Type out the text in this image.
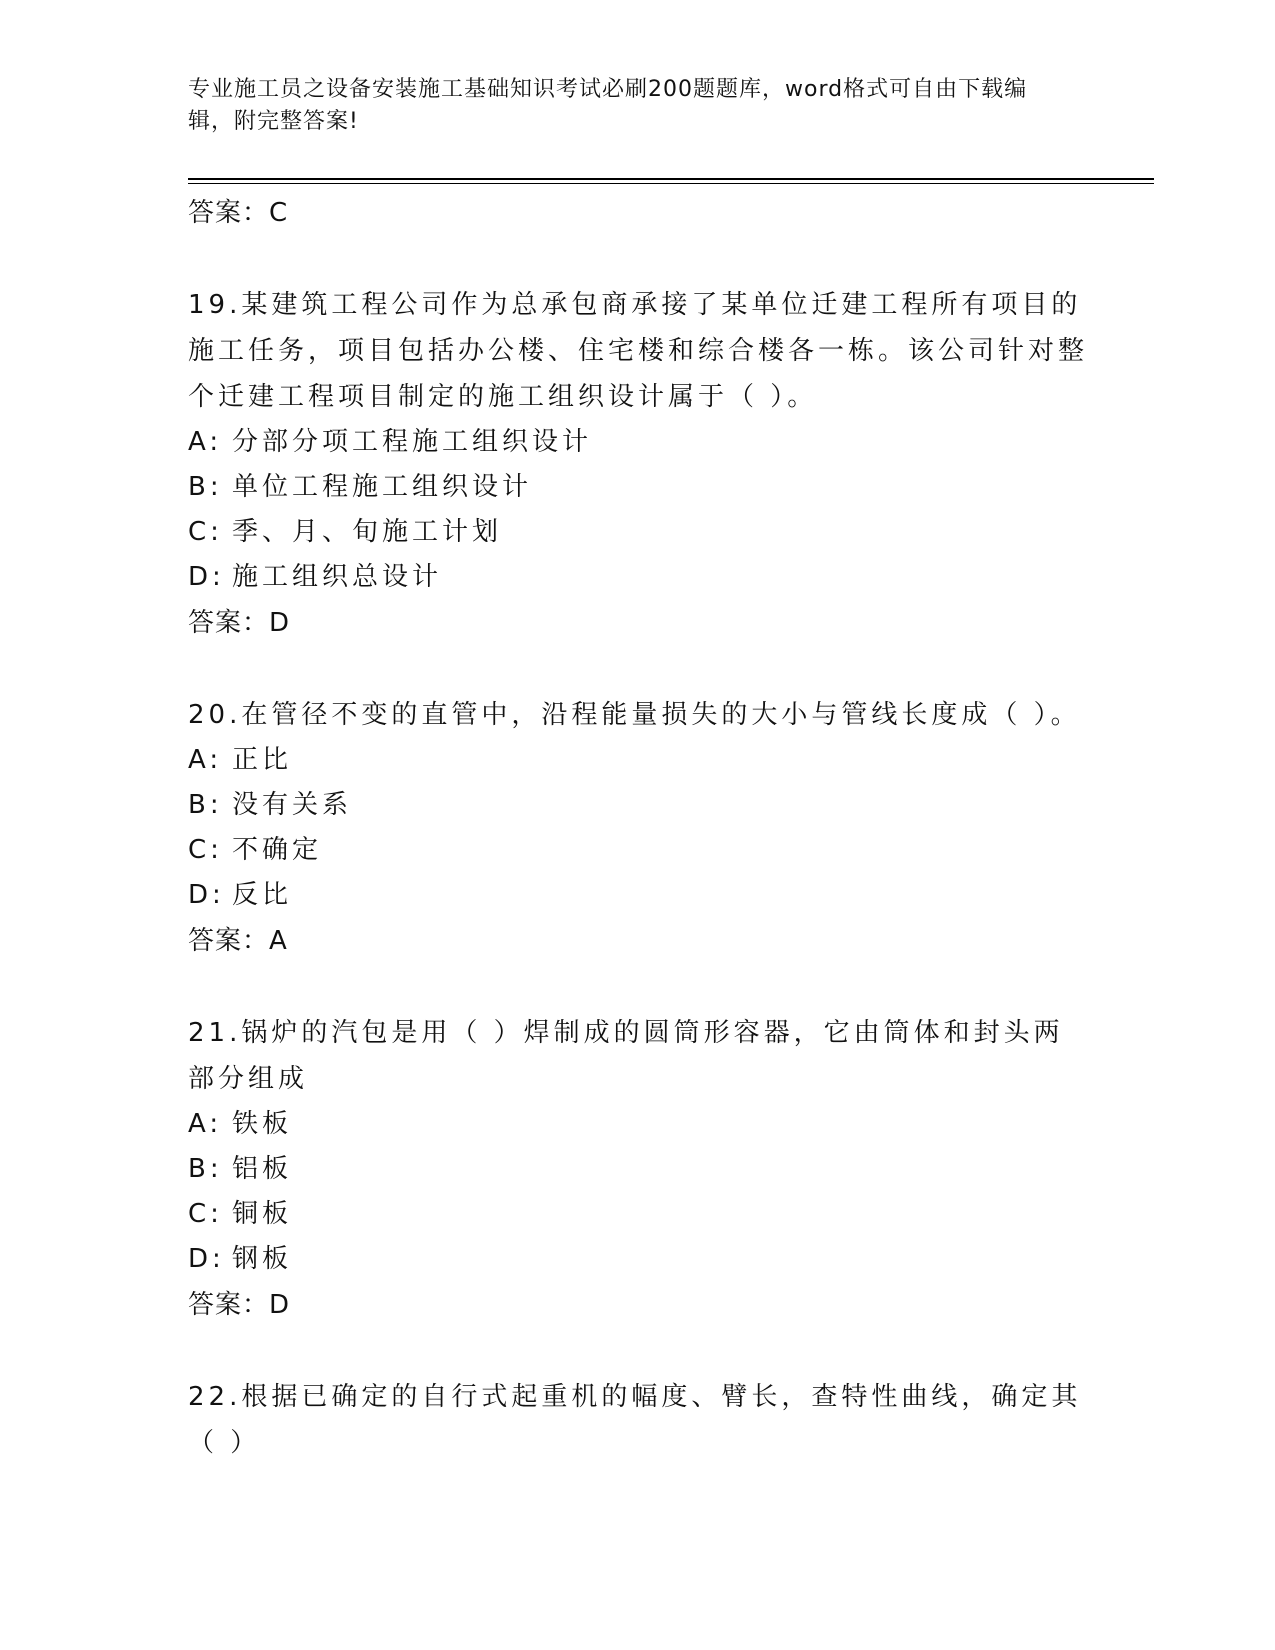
专业施工员之设备安装施工基础知识考试必刷200题题库，word格式可自由下载编辑，附完整答案!
答案：C
19.某建筑工程公司作为总承包商承接了某单位迁建工程所有项目的施工任务，项目包括办公楼、住宅楼和综合楼各一栋。该公司针对整个迁建工程项目制定的施工组织设计属于（ ）。
A: 分部分项工程施工组织设计
B: 单位工程施工组织设计
C: 季、月、旬施工计划
D: 施工组织总设计
答案：D
20.在管径不变的直管中，沿程能量损失的大小与管线长度成（ ）。
A: 正比
B: 没有关系
C: 不确定
D: 反比
答案：A
21.锅炉的汽包是用（ ）焊制成的圆筒形容器，它由筒体和封头两部分组成
A: 铁板
B: 铝板
C: 铜板
D: 钢板
答案：D
22.根据已确定的自行式起重机的幅度、臂长，查特性曲线，确定其（ ）
